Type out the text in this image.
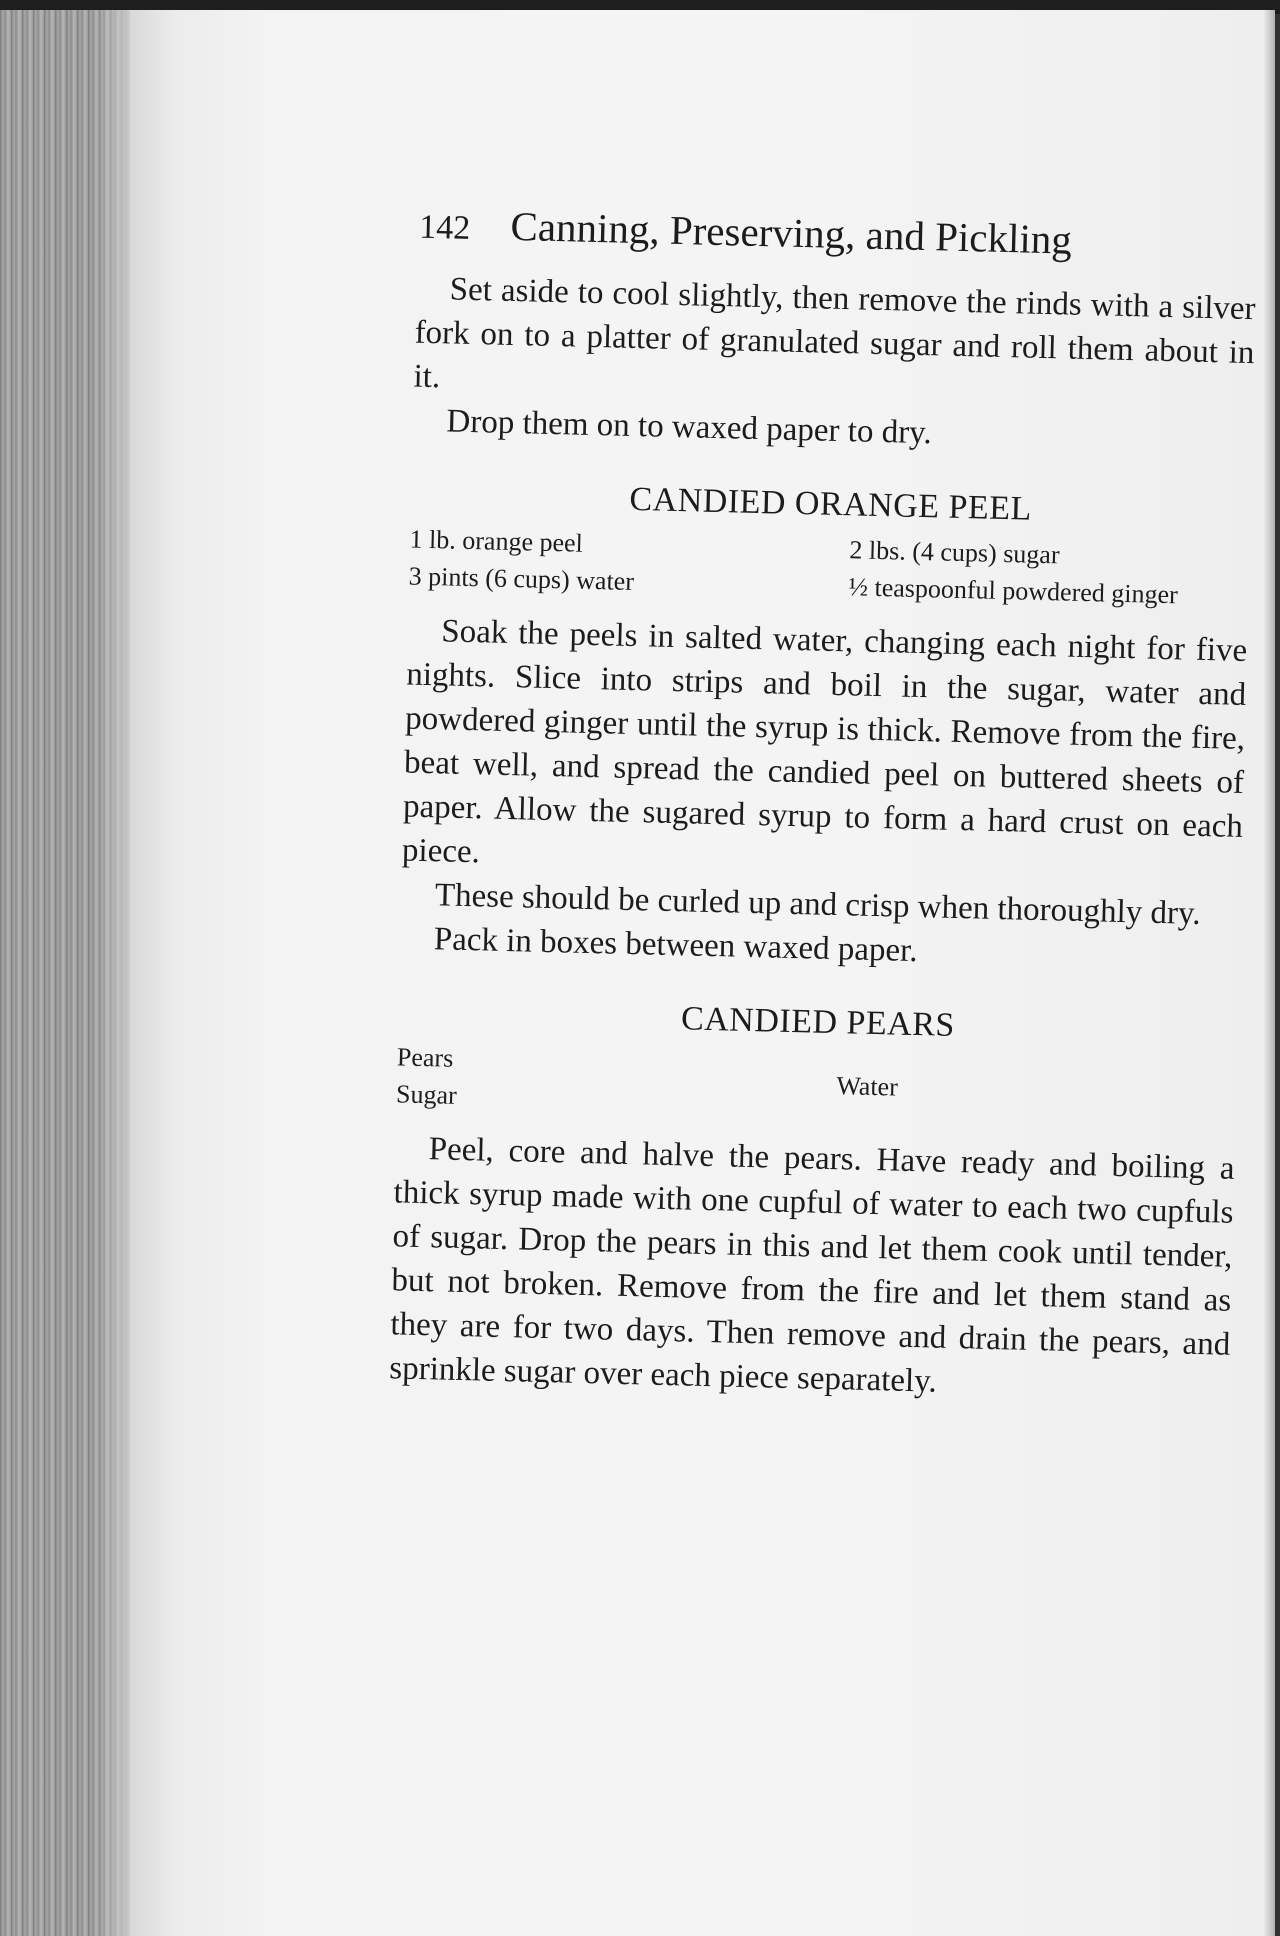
142 Canning, Preserving, and Pickling

Set aside to cool slightly, then remove the rinds with a silver fork on to a platter of granulated sugar and roll them about in it.

Drop them on to waxed paper to dry.

CANDIED ORANGE PEEL
1 lb. orange peel
3 pints (6 cups) water
2 lbs. (4 cups) sugar
½ teaspoonful powdered ginger

Soak the peels in salted water, changing each night for five nights. Slice into strips and boil in the sugar, water and powdered ginger until the syrup is thick. Remove from the fire, beat well, and spread the candied peel on buttered sheets of paper. Allow the sugared syrup to form a hard crust on each piece.

These should be curled up and crisp when thoroughly dry.

Pack in boxes between waxed paper.

CANDIED PEARS
Pears
Sugar	Water

Peel, core and halve the pears. Have ready and boiling a thick syrup made with one cupful of water to each two cupfuls of sugar. Drop the pears in this and let them cook until tender, but not broken. Remove from the fire and let them stand as they are for two days. Then remove and drain the pears, and sprinkle sugar over each piece separately.
